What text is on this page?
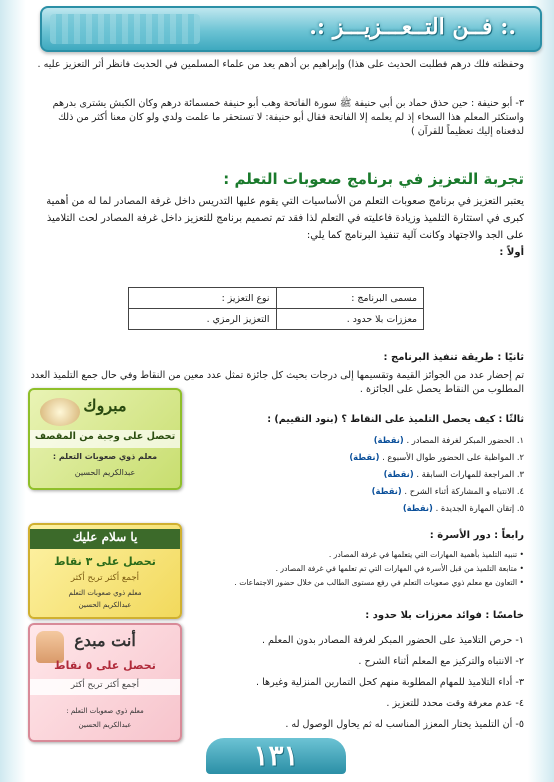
.: فــن التــعـــزيـــز :.
وحفظته فلك درهم فطلبت الحديث على هذا) وإبراهيم بن أدهم يعد من علماء المسلمين في الحديث فانظر أثر التعزيز عليه .
٣- أبو حنيفة : حين حذق حماد بن أبي حنيفة ﷺ سورة الفاتحة وهب أبو حنيفة خمسمائة درهم وكان الكبش يشترى بدرهم واستكثر المعلم هذا السخاء إذ لم يعلمه إلا الفاتحة فقال أبو حنيفة: لا تستحقر ما علمت ولدي ولو كان معنا أكثر من ذلك لدفعناه إليك تعظيماً للقرآن )
تجربة التعزيز في برنامج صعوبات التعلم :
يعتبر التعزيز في برنامج صعوبات التعلم من الأساسيات التي يقوم عليها التدريس داخل غرفة المصادر لما له من أهمية كبرى في استثارة التلميذ وزيادة فاعليته في التعلم لذا فقد تم تصميم برنامج للتعزيز داخل غرفة المصادر لحث التلاميذ على الجد والاجتهاد وكانت آلية تنفيذ البرنامج كما يلي:
أولاً :
مسمى البرنامج :	نوع التعزيز :
معززات بلا حدود .	التعزيز الرمزي .
ثانيًا : طريقة تنفيذ البرنامج :
تم إحضار عدد من الجوائز القيمة وتقسيمها إلى درجات بحيث كل جائزة تمثل عدد معين من النقاط وفي حال جمع التلميذ العدد المطلوب من النقاط يحصل على الجائزة .
ثالثًا : كيف يحصل التلميذ على النقاط ؟ (بنود التقييم) :
١. الحضور المبكر لغرفة المصادر . (نقطة)
٢. المواظبة على الحضور طوال الأسبوع . (نقطة)
٣. المراجعة للمهارات السابقة . (نقطة)
٤. الانتباه و المشاركة أثناء الشرح . (نقطة)
٥. إتقان المهارة الجديدة . (نقطة)
رابعاً : دور الأسرة :
• تنبيه التلميذ بأهمية المهارات التي يتعلمها في غرفة المصادر .
• متابعة التلميذ من قبل الأسرة في المهارات التي تم تعلمها في غرفة المصادر .
• التعاون مع معلم ذوي صعوبات التعلم في رفع مستوى الطالب من خلال حضور الاجتماعات .
خامسًا : فوائد معززات بلا حدود :
١- حرص التلاميذ على الحضور المبكر لغرفة المصادر بدون المعلم .
٢- الانتباه والتركيز مع المعلم أثناء الشرح .
٣- أداء التلاميذ للمهام المطلوبة منهم كحل التمارين المنزلية وغيرها .
٤- عدم معرفة وقت محدد للتعزيز .
٥- أن التلميذ يختار المعزز المناسب له ثم يحاول الوصول له .
مبروك
تحصل على وجبة من المقصف
معلم ذوي صعوبات التعلم :
عبدالكريم الحسين
يا سلام عليك
تحصل على ٣ نقاط
أجمع أكثر تربح أكثر
معلم ذوي صعوبات التعلم
عبدالكريم الحسين
أنت مبدع
تحصل على ٥ نقاط
أجمع أكثر تربح أكثر
معلم ذوي صعوبات التعلم :
عبدالكريم الحسين
١٣١
